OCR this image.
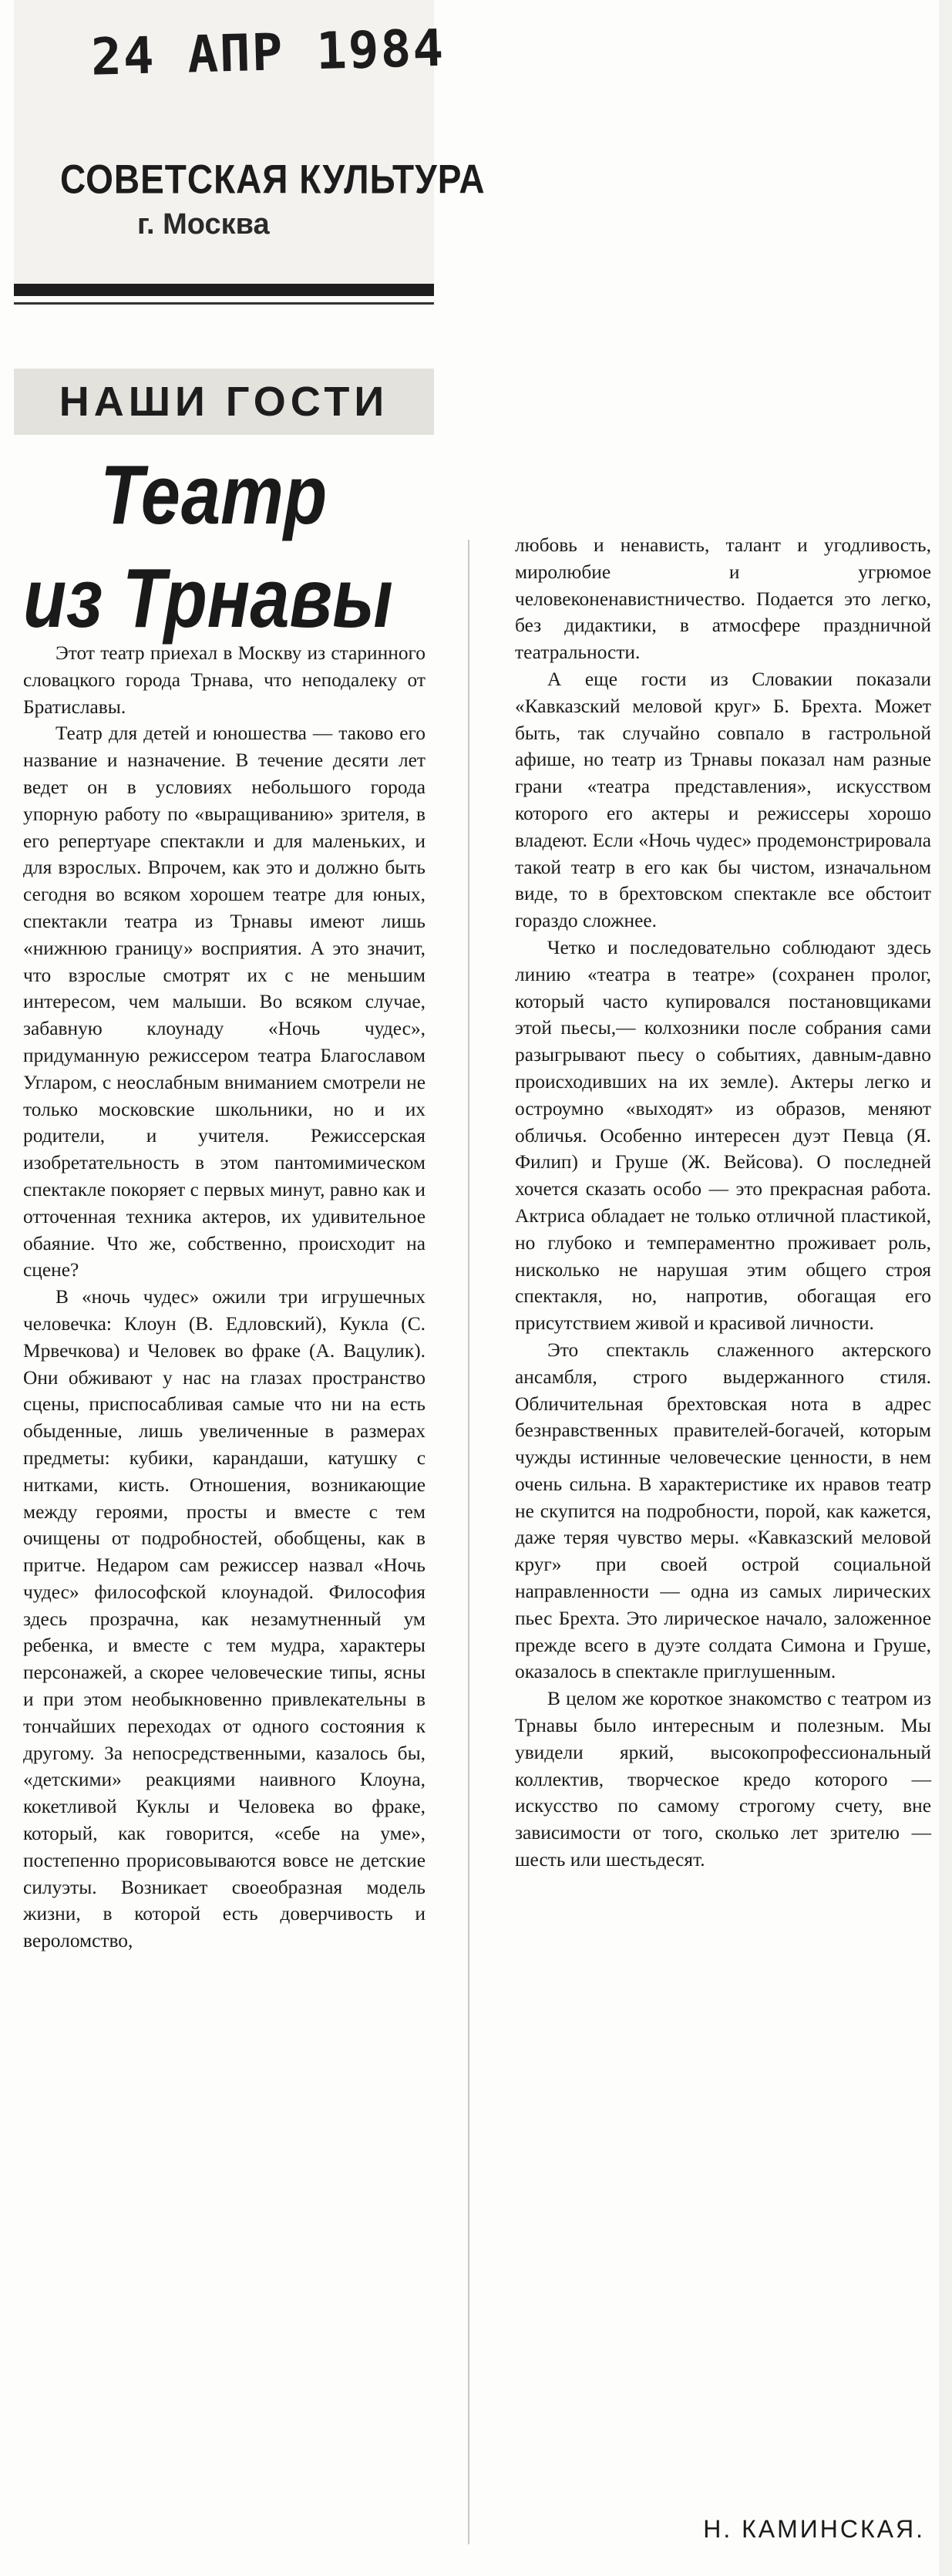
24 АПР 1984
СОВЕТСКАЯ КУЛЬТУРА
г. Москва
НАШИ ГОСТИ
Театр
из Трнавы

Этот театр приехал в Москву из старинного словацкого города Трнава, что неподалеку от Братиславы.

Театр для детей и юношества — таково его название и назначение. В течение десяти лет ведет он в условиях небольшого города упорную работу по «выращиванию» зрителя, в его репертуаре спектакли и для маленьких, и для взрослых. Впрочем, как это и должно быть сегодня во всяком хорошем театре для юных, спектакли театра из Трнавы имеют лишь «нижнюю границу» восприятия. А это значит, что взрослые смотрят их с не меньшим интересом, чем малыши. Во всяком случае, забавную клоунаду «Ночь чудес», придуманную режиссером театра Благославом Угларом, с неослабным вниманием смотрели не только московские школьники, но и их родители, и учителя. Режиссерская изобретательность в этом пантомимическом спектакле покоряет с первых минут, равно как и отточенная техника актеров, их удивительное обаяние. Что же, собственно, происходит на сцене?

В «ночь чудес» ожили три игрушечных человечка: Клоун (В. Едловский), Кукла (С. Мрвечкова) и Человек во фраке (А. Вацулик). Они обживают у нас на глазах пространство сцены, приспосабливая самые что ни на есть обыденные, лишь увеличенные в размерах предметы: кубики, карандаши, катушку с нитками, кисть. Отношения, возникающие между героями, просты и вместе с тем очищены от подробностей, обобщены, как в притче. Недаром сам режиссер назвал «Ночь чудес» философской клоунадой. Философия здесь прозрачна, как незамутненный ум ребенка, и вместе с тем мудра, характеры персонажей, а скорее человеческие типы, ясны и при этом необыкновенно привлекательны в тончайших переходах от одного состояния к другому. За непосредственными, казалось бы, «детскими» реакциями наивного Клоуна, кокетливой Куклы и Человека во фраке, который, как говорится, «себе на уме», постепенно прорисовываются вовсе не детские силуэты. Возникает своеобразная модель жизни, в которой есть доверчивость и вероломство,

любовь и ненависть, талант и угодливость, миролюбие и угрюмое человеконенавистничество. Подается это легко, без дидактики, в атмосфере праздничной театральности.

А еще гости из Словакии показали «Кавказский меловой круг» Б. Брехта. Может быть, так случайно совпало в гастрольной афише, но театр из Трнавы показал нам разные грани «театра представления», искусством которого его актеры и режиссеры хорошо владеют. Если «Ночь чудес» продемонстрировала такой театр в его как бы чистом, изначальном виде, то в брехтовском спектакле все обстоит гораздо сложнее.

Четко и последовательно соблюдают здесь линию «театра в театре» (сохранен пролог, который часто купировался постановщиками этой пьесы,— колхозники после собрания сами разыгрывают пьесу о событиях, давным-давно происходивших на их земле). Актеры легко и остроумно «выходят» из образов, меняют обличья. Особенно интересен дуэт Певца (Я. Филип) и Груше (Ж. Вейсова). О последней хочется сказать особо — это прекрасная работа. Актриса обладает не только отличной пластикой, но глубоко и темпераментно проживает роль, нисколько не нарушая этим общего строя спектакля, но, напротив, обогащая его присутствием живой и красивой личности.

Это спектакль слаженного актерского ансамбля, строго выдержанного стиля. Обличительная брехтовская нота в адрес безнравственных правителей-богачей, которым чужды истинные человеческие ценности, в нем очень сильна. В характеристике их нравов театр не скупится на подробности, порой, как кажется, даже теряя чувство меры. «Кавказский меловой круг» при своей острой социальной направленности — одна из самых лирических пьес Брехта. Это лирическое начало, заложенное прежде всего в дуэте солдата Симона и Груше, оказалось в спектакле приглушенным.

В целом же короткое знакомство с театром из Трнавы было интересным и полезным. Мы увидели яркий, высокопрофессиональный коллектив, творческое кредо которого — искусство по самому строгому счету, вне зависимости от того, сколько лет зрителю — шесть или шестьдесят.

Н. КАМИНСКАЯ.
